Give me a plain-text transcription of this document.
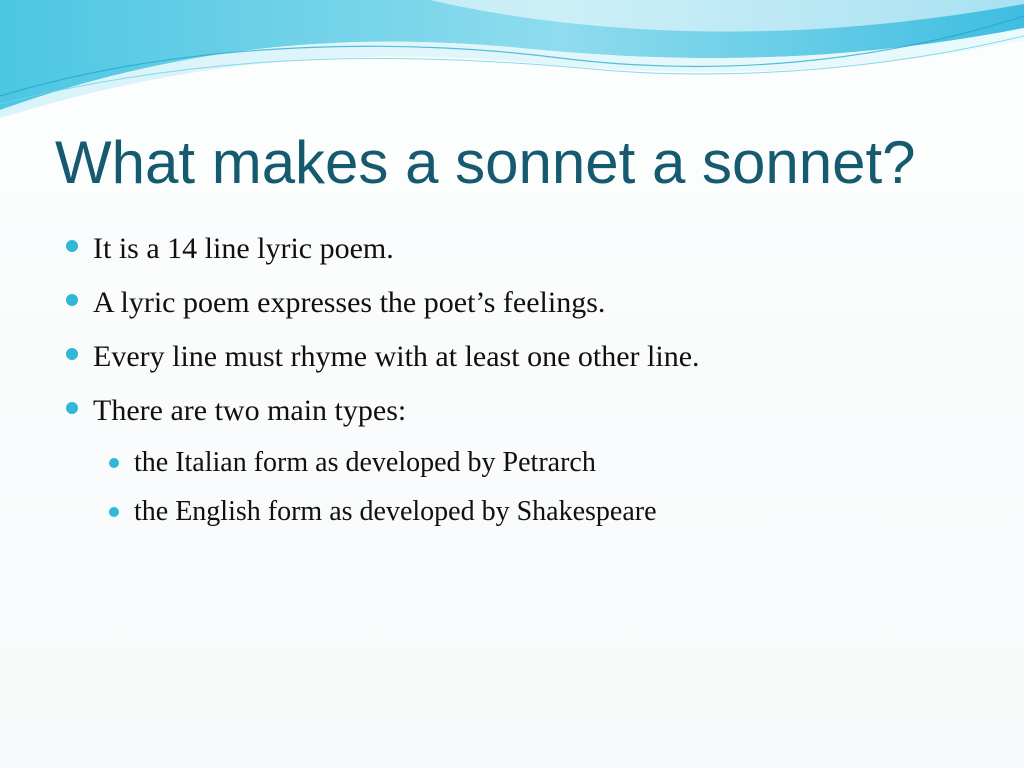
What makes a sonnet a sonnet?
It is a 14 line lyric poem.
A lyric poem expresses the poet’s feelings.
Every line must rhyme with at least one other line.
There are two main types:
the Italian form as developed by Petrarch
the English form as developed by Shakespeare
